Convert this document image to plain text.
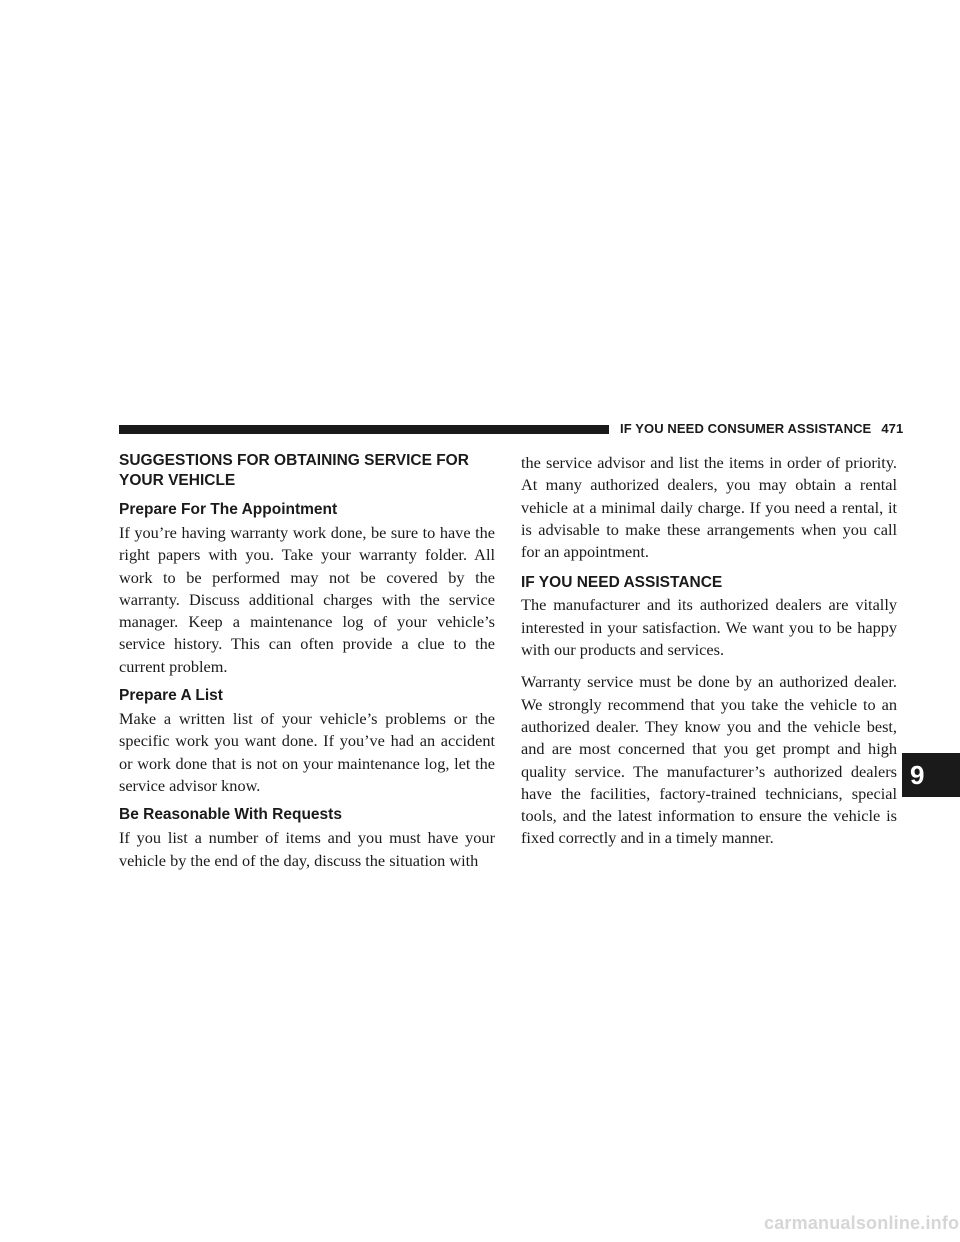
IF YOU NEED CONSUMER ASSISTANCE 471
SUGGESTIONS FOR OBTAINING SERVICE FOR YOUR VEHICLE
Prepare For The Appointment

If you’re having warranty work done, be sure to have the right papers with you. Take your warranty folder. All work to be performed may not be covered by the warranty. Discuss additional charges with the service manager. Keep a maintenance log of your vehicle’s service history. This can often provide a clue to the current problem.

Prepare A List

Make a written list of your vehicle’s problems or the specific work you want done. If you’ve had an accident or work done that is not on your maintenance log, let the service advisor know.

Be Reasonable With Requests

If you list a number of items and you must have your vehicle by the end of the day, discuss the situation with

the service advisor and list the items in order of priority. At many authorized dealers, you may obtain a rental vehicle at a minimal daily charge. If you need a rental, it is advisable to make these arrangements when you call for an appointment.

IF YOU NEED ASSISTANCE

The manufacturer and its authorized dealers are vitally interested in your satisfaction. We want you to be happy with our products and services.

Warranty service must be done by an authorized dealer. We strongly recommend that you take the vehicle to an authorized dealer. They know you and the vehicle best, and are most concerned that you get prompt and high quality service. The manufacturer’s authorized dealers have the facilities, factory-trained technicians, special tools, and the latest information to ensure the vehicle is fixed correctly and in a timely manner.

9
carmanualsonline.info
